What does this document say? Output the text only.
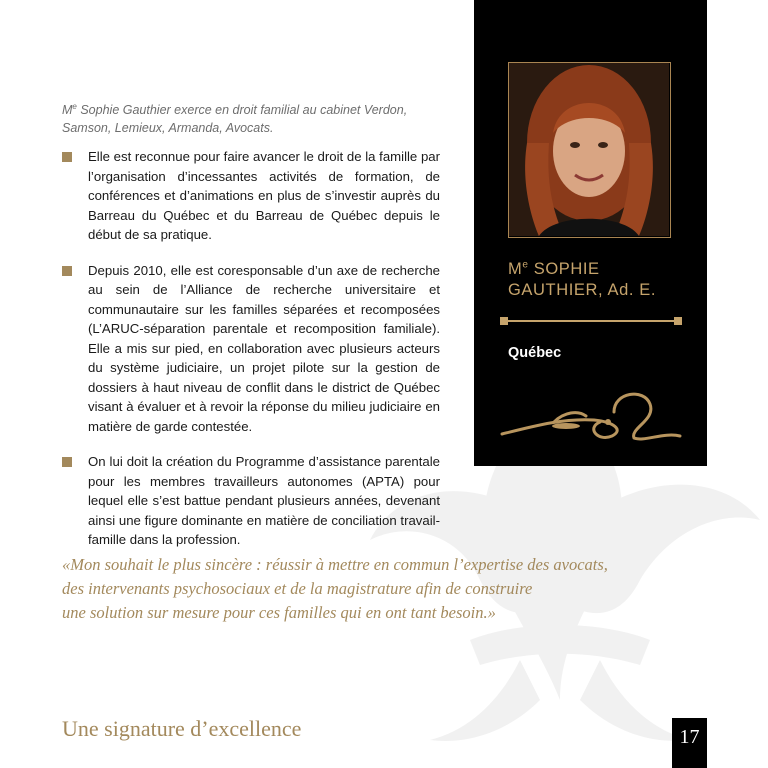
Me Sophie Gauthier exerce en droit familial au cabinet Verdon, Samson, Lemieux, Armanda, Avocats.
Elle est reconnue pour faire avancer le droit de la famille par l’organisation d’incessantes activités de formation, de conférences et d’animations en plus de s’investir auprès du Barreau du Québec et du Barreau de Québec depuis le début de sa pratique.
Depuis 2010, elle est coresponsable d’un axe de recherche au sein de l’Alliance de recherche universitaire et communautaire sur les familles séparées et recomposées (L’ARUC-séparation parentale et recomposition familiale). Elle a mis sur pied, en collaboration avec plusieurs acteurs du système judiciaire, un projet pilote sur la gestion de dossiers à haut niveau de conflit dans le district de Québec visant à évaluer et à revoir la réponse du milieu judiciaire en matière de garde contestée.
On lui doit la création du Programme d’assistance parentale pour les membres travailleurs autonomes (APTA) pour lequel elle s’est battue pendant plusieurs années, devenant ainsi une figure dominante en matière de conciliation travail-famille dans la profession.
Me SOPHIE
GAUTHIER, Ad. E.
Québec
«Mon souhait le plus sincère : réussir à mettre en commun l’expertise des avocats,
des intervenants psychosociaux et de la magistrature afin de construire
une solution sur mesure pour ces familles qui en ont tant besoin.»
Une signature d’excellence	17
